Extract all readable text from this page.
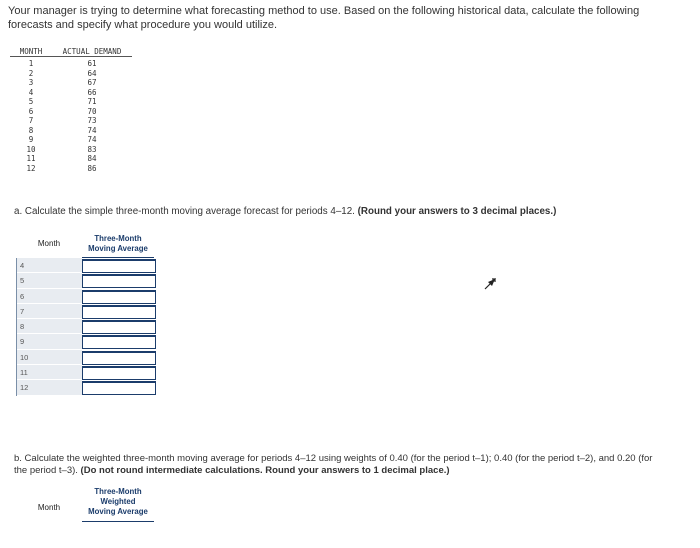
Your manager is trying to determine what forecasting method to use. Based on the following historical data, calculate the following forecasts and specify what procedure you would utilize.
MONTH	ACTUAL DEMAND
1	61
2	64
3	67
4	66
5	71
6	70
7	73
8	74
9	74
10	83
11	84
12	86
a. Calculate the simple three-month moving average forecast for periods 4–12. (Round your answers to 3 decimal places.)
Month
Three-Month
Moving Average
4
5
6
7
8
9
10
11
12
b. Calculate the weighted three-month moving average for periods 4–12 using weights of 0.40 (for the period t–1); 0.40 (for the period t–2), and 0.20 (for the period t–3). (Do not round intermediate calculations. Round your answers to 1 decimal place.)
Month
Three-Month
Weighted
Moving Average
